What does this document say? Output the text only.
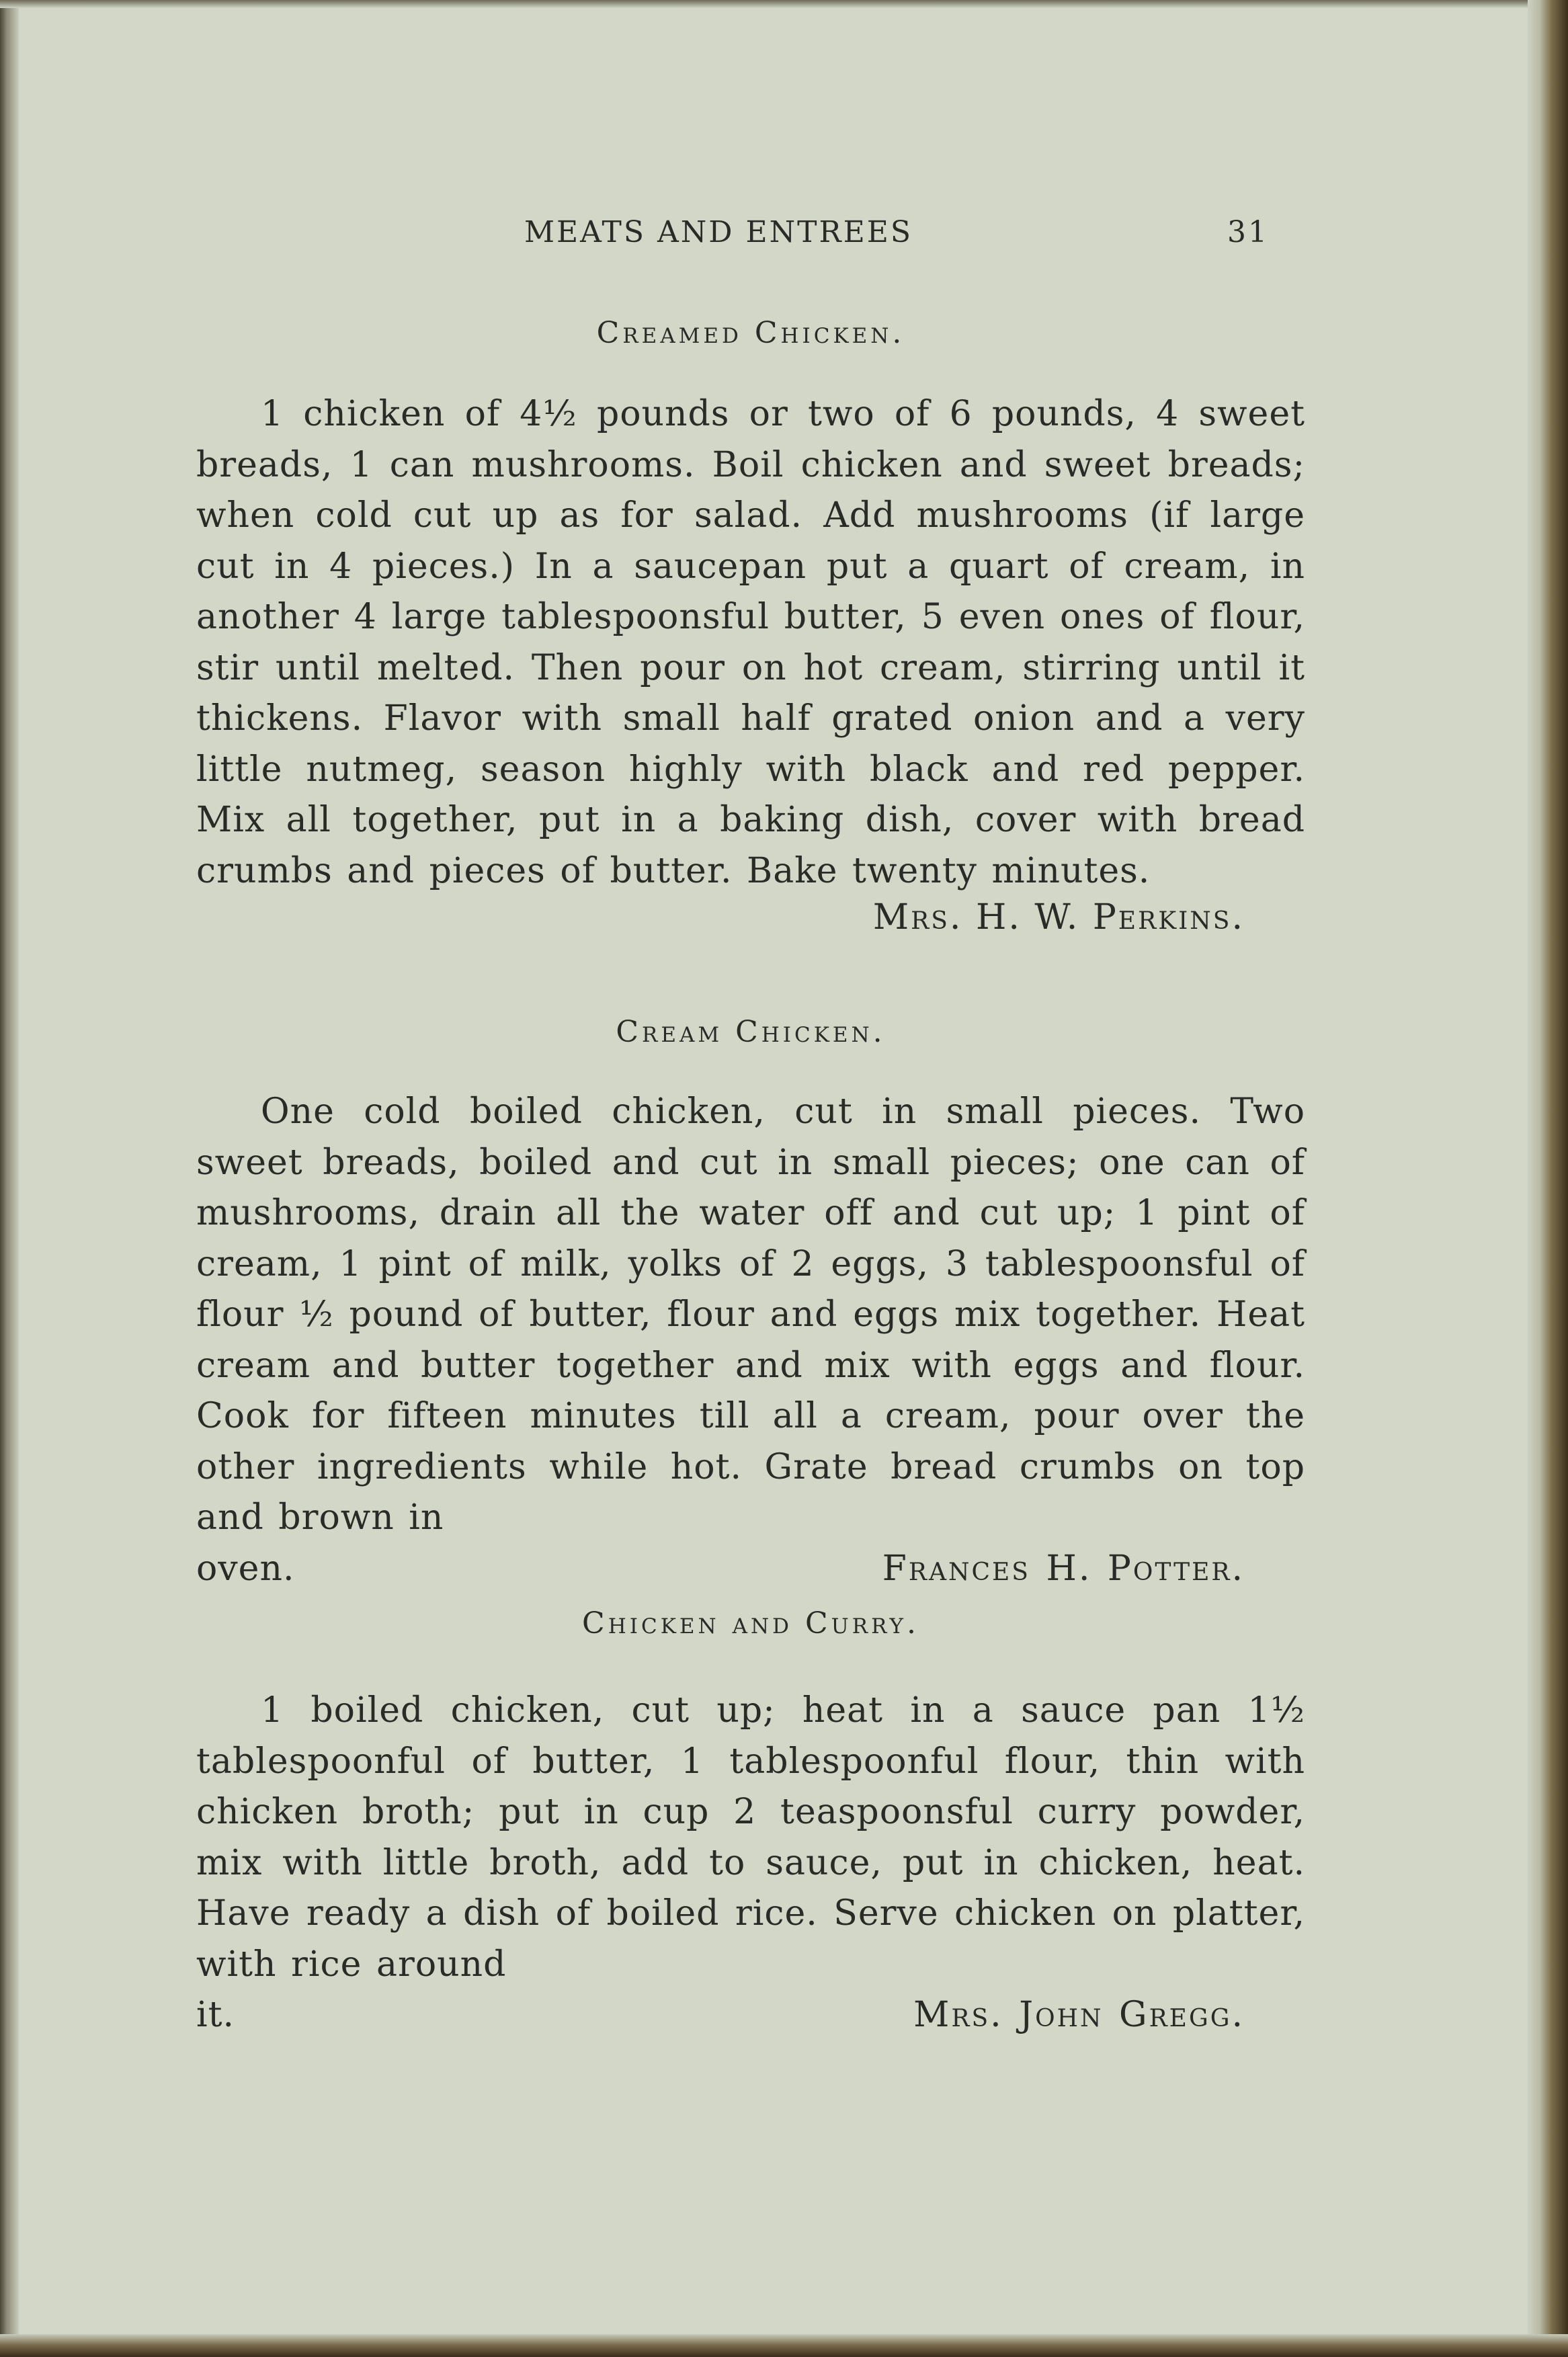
MEATS AND ENTREES	31
Creamed Chicken.

1 chicken of 4½ pounds or two of 6 pounds, 4 sweet breads, 1 can mushrooms. Boil chicken and sweet breads; when cold cut up as for salad. Add mushrooms (if large cut in 4 pieces.) In a saucepan put a quart of cream, in another 4 large tablespoonsful butter, 5 even ones of flour, stir until melted. Then pour on hot cream, stirring until it thickens. Flavor with small half grated onion and a very little nutmeg, season highly with black and red pepper. Mix all together, put in a baking dish, cover with bread crumbs and pieces of butter. Bake twenty minutes.

Mrs. H. W. Perkins.
Cream Chicken.

One cold boiled chicken, cut in small pieces. Two sweet breads, boiled and cut in small pieces; one can of mushrooms, drain all the water off and cut up; 1 pint of cream, 1 pint of milk, yolks of 2 eggs, 3 tablespoonsful of flour ½ pound of butter, flour and eggs mix together. Heat cream and butter together and mix with eggs and flour. Cook for fifteen minutes till all a cream, pour over the other ingredients while hot. Grate bread crumbs on top and brown in

oven.	Frances H. Potter.
Chicken and Curry.

1 boiled chicken, cut up; heat in a sauce pan 1½ tablespoonful of butter, 1 tablespoonful flour, thin with chicken broth; put in cup 2 teaspoonsful curry powder, mix with little broth, add to sauce, put in chicken, heat. Have ready a dish of boiled rice. Serve chicken on platter, with rice around

it.	Mrs. John Gregg.
